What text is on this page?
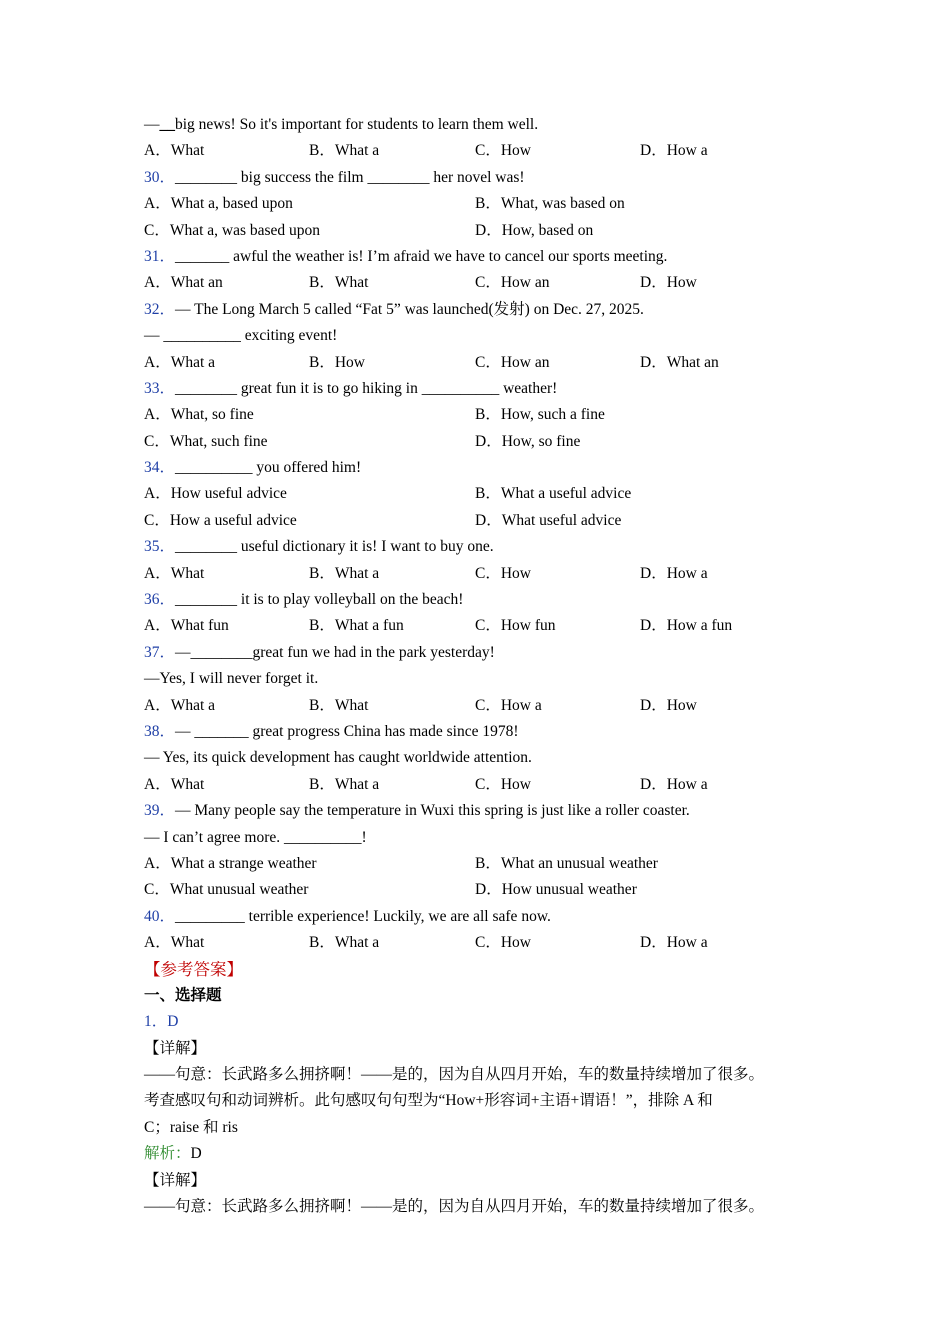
—__big news! So it's important for students to learn them well.
A．What	B．What a	C．How	D．How a
30．________ big success the film ________ her novel was!
A．What a, based upon	B．What, was based on
C．What a, was based upon	D．How, based on
31．_______ awful the weather is! I’m afraid we have to cancel our sports meeting.
A．What an	B．What	C．How an	D．How
32．— The Long March 5 called “Fat 5” was launched(发射) on Dec. 27, 2025.
— __________ exciting event!
A．What a	B．How	C．How an	D．What an
33．________ great fun it is to go hiking in __________ weather!
A．What, so fine	B．How, such a fine
C．What, such fine	D．How, so fine
34．__________ you offered him!
A．How useful advice	B．What a useful advice
C．How a useful advice	D．What useful advice
35．________ useful dictionary it is! I want to buy one.
A．What	B．What a	C．How	D．How a
36．________ it is to play volleyball on the beach!
A．What fun	B．What a fun	C．How fun	D．How a fun
37．—________great fun we had in the park yesterday!
—Yes, I will never forget it.
A．What a	B．What	C．How a	D．How
38．— _______ great progress China has made since 1978!
— Yes, its quick development has caught worldwide attention.
A．What	B．What a	C．How	D．How a
39．— Many people say the temperature in Wuxi this spring is just like a roller coaster.
— I can’t agree more. __________!
A．What a strange weather	B．What an unusual weather
C．What unusual weather	D．How unusual weather
40．_________ terrible experience! Luckily, we are all safe now.
A．What	B．What a	C．How	D．How a
【参考答案】
一、选择题
1．D
【详解】
——句意：长武路多么拥挤啊！——是的，因为自从四月开始，车的数量持续增加了很多。
考查感叹句和动词辨析。此句感叹句句型为“How+形容词+主语+谓语！”，排除 A 和
C；raise 和 ris
解析：D
【详解】
——句意：长武路多么拥挤啊！——是的，因为自从四月开始，车的数量持续增加了很多。
